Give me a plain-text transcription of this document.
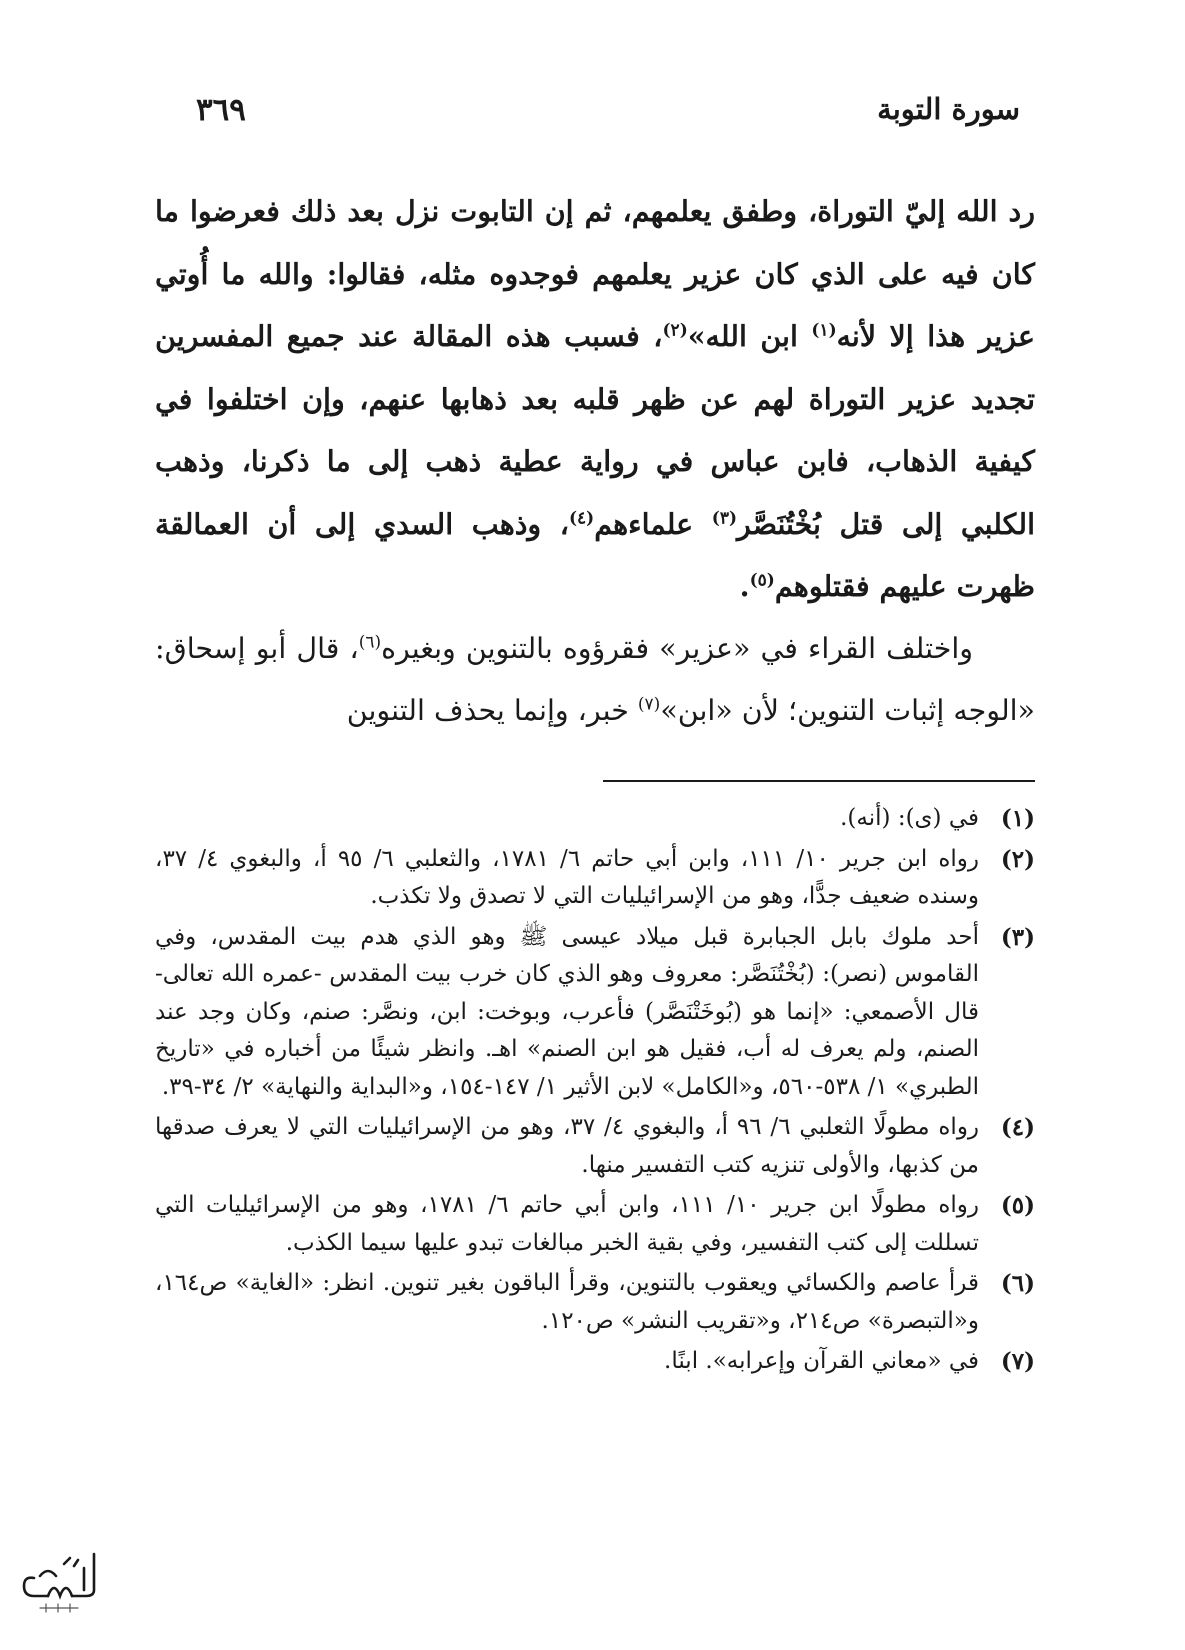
سورة التوبة
٣٦٩

رد الله إليّ التوراة، وطفق يعلمهم، ثم إن التابوت نزل بعد ذلك فعرضوا ما كان فيه على الذي كان عزير يعلمهم فوجدوه مثله، فقالوا: والله ما أُوتي عزير هذا إلا لأنه$^{(١)}$ ابن الله»$^{(٢)}$، فسبب هذه المقالة عند جميع المفسرين تجديد عزير التوراة لهم عن ظهر قلبه بعد ذهابها عنهم، وإن اختلفوا في كيفية الذهاب، فابن عباس في رواية عطية ذهب إلى ما ذكرنا، وذهب الكلبي إلى قتل بُخْتُنَصَّر$^{(٣)}$ علماءهم$^{(٤)}$، وذهب السدي إلى أن العمالقة ظهرت عليهم فقتلوهم$^{(٥)}$.

واختلف القراء في «عزير» فقرؤوه بالتنوين وبغيره$^{(٦)}$، قال أبو إسحاق: «الوجه إثبات التنوين؛ لأن «ابن»$^{(٧)}$ خبر، وإنما يحذف التنوين

(١)
في (ى): (أنه).
(٢)
رواه ابن جرير ١٠/ ١١١، وابن أبي حاتم ٦/ ١٧٨١، والثعلبي ٦/ ٩٥ أ، والبغوي ٤/ ٣٧، وسنده ضعيف جدًّا، وهو من الإسرائيليات التي لا تصدق ولا تكذب.
(٣)
أحد ملوك بابل الجبابرة قبل ميلاد عيسى ﷺ وهو الذي هدم بيت المقدس، وفي القاموس (نصر): (بُخْتُنَصَّر: معروف وهو الذي كان خرب بيت المقدس -عمره الله تعالى- قال الأصمعي: «إنما هو (بُوخَتْنَصَّر) فأعرب، وبوخت: ابن، ونصَّر: صنم، وكان وجد عند الصنم، ولم يعرف له أب، فقيل هو ابن الصنم» اهـ. وانظر شيئًا من أخباره في «تاريخ الطبري» ١/ ٥٣٨-٥٦٠، و«الكامل» لابن الأثير ١/ ١٤٧-١٥٤، و«البداية والنهاية» ٢/ ٣٤-٣٩.
(٤)
رواه مطولًا الثعلبي ٦/ ٩٦ أ، والبغوي ٤/ ٣٧، وهو من الإسرائيليات التي لا يعرف صدقها من كذبها، والأولى تنزيه كتب التفسير منها.
(٥)
رواه مطولًا ابن جرير ١٠/ ١١١، وابن أبي حاتم ٦/ ١٧٨١، وهو من الإسرائيليات التي تسللت إلى كتب التفسير، وفي بقية الخبر مبالغات تبدو عليها سيما الكذب.
(٦)
قرأ عاصم والكسائي ويعقوب بالتنوين، وقرأ الباقون بغير تنوين. انظر: «الغاية» ص١٦٤، و«التبصرة» ص٢١٤، و«تقريب النشر» ص١٢٠.
(٧)
في «معاني القرآن وإعرابه». ابنًا.
